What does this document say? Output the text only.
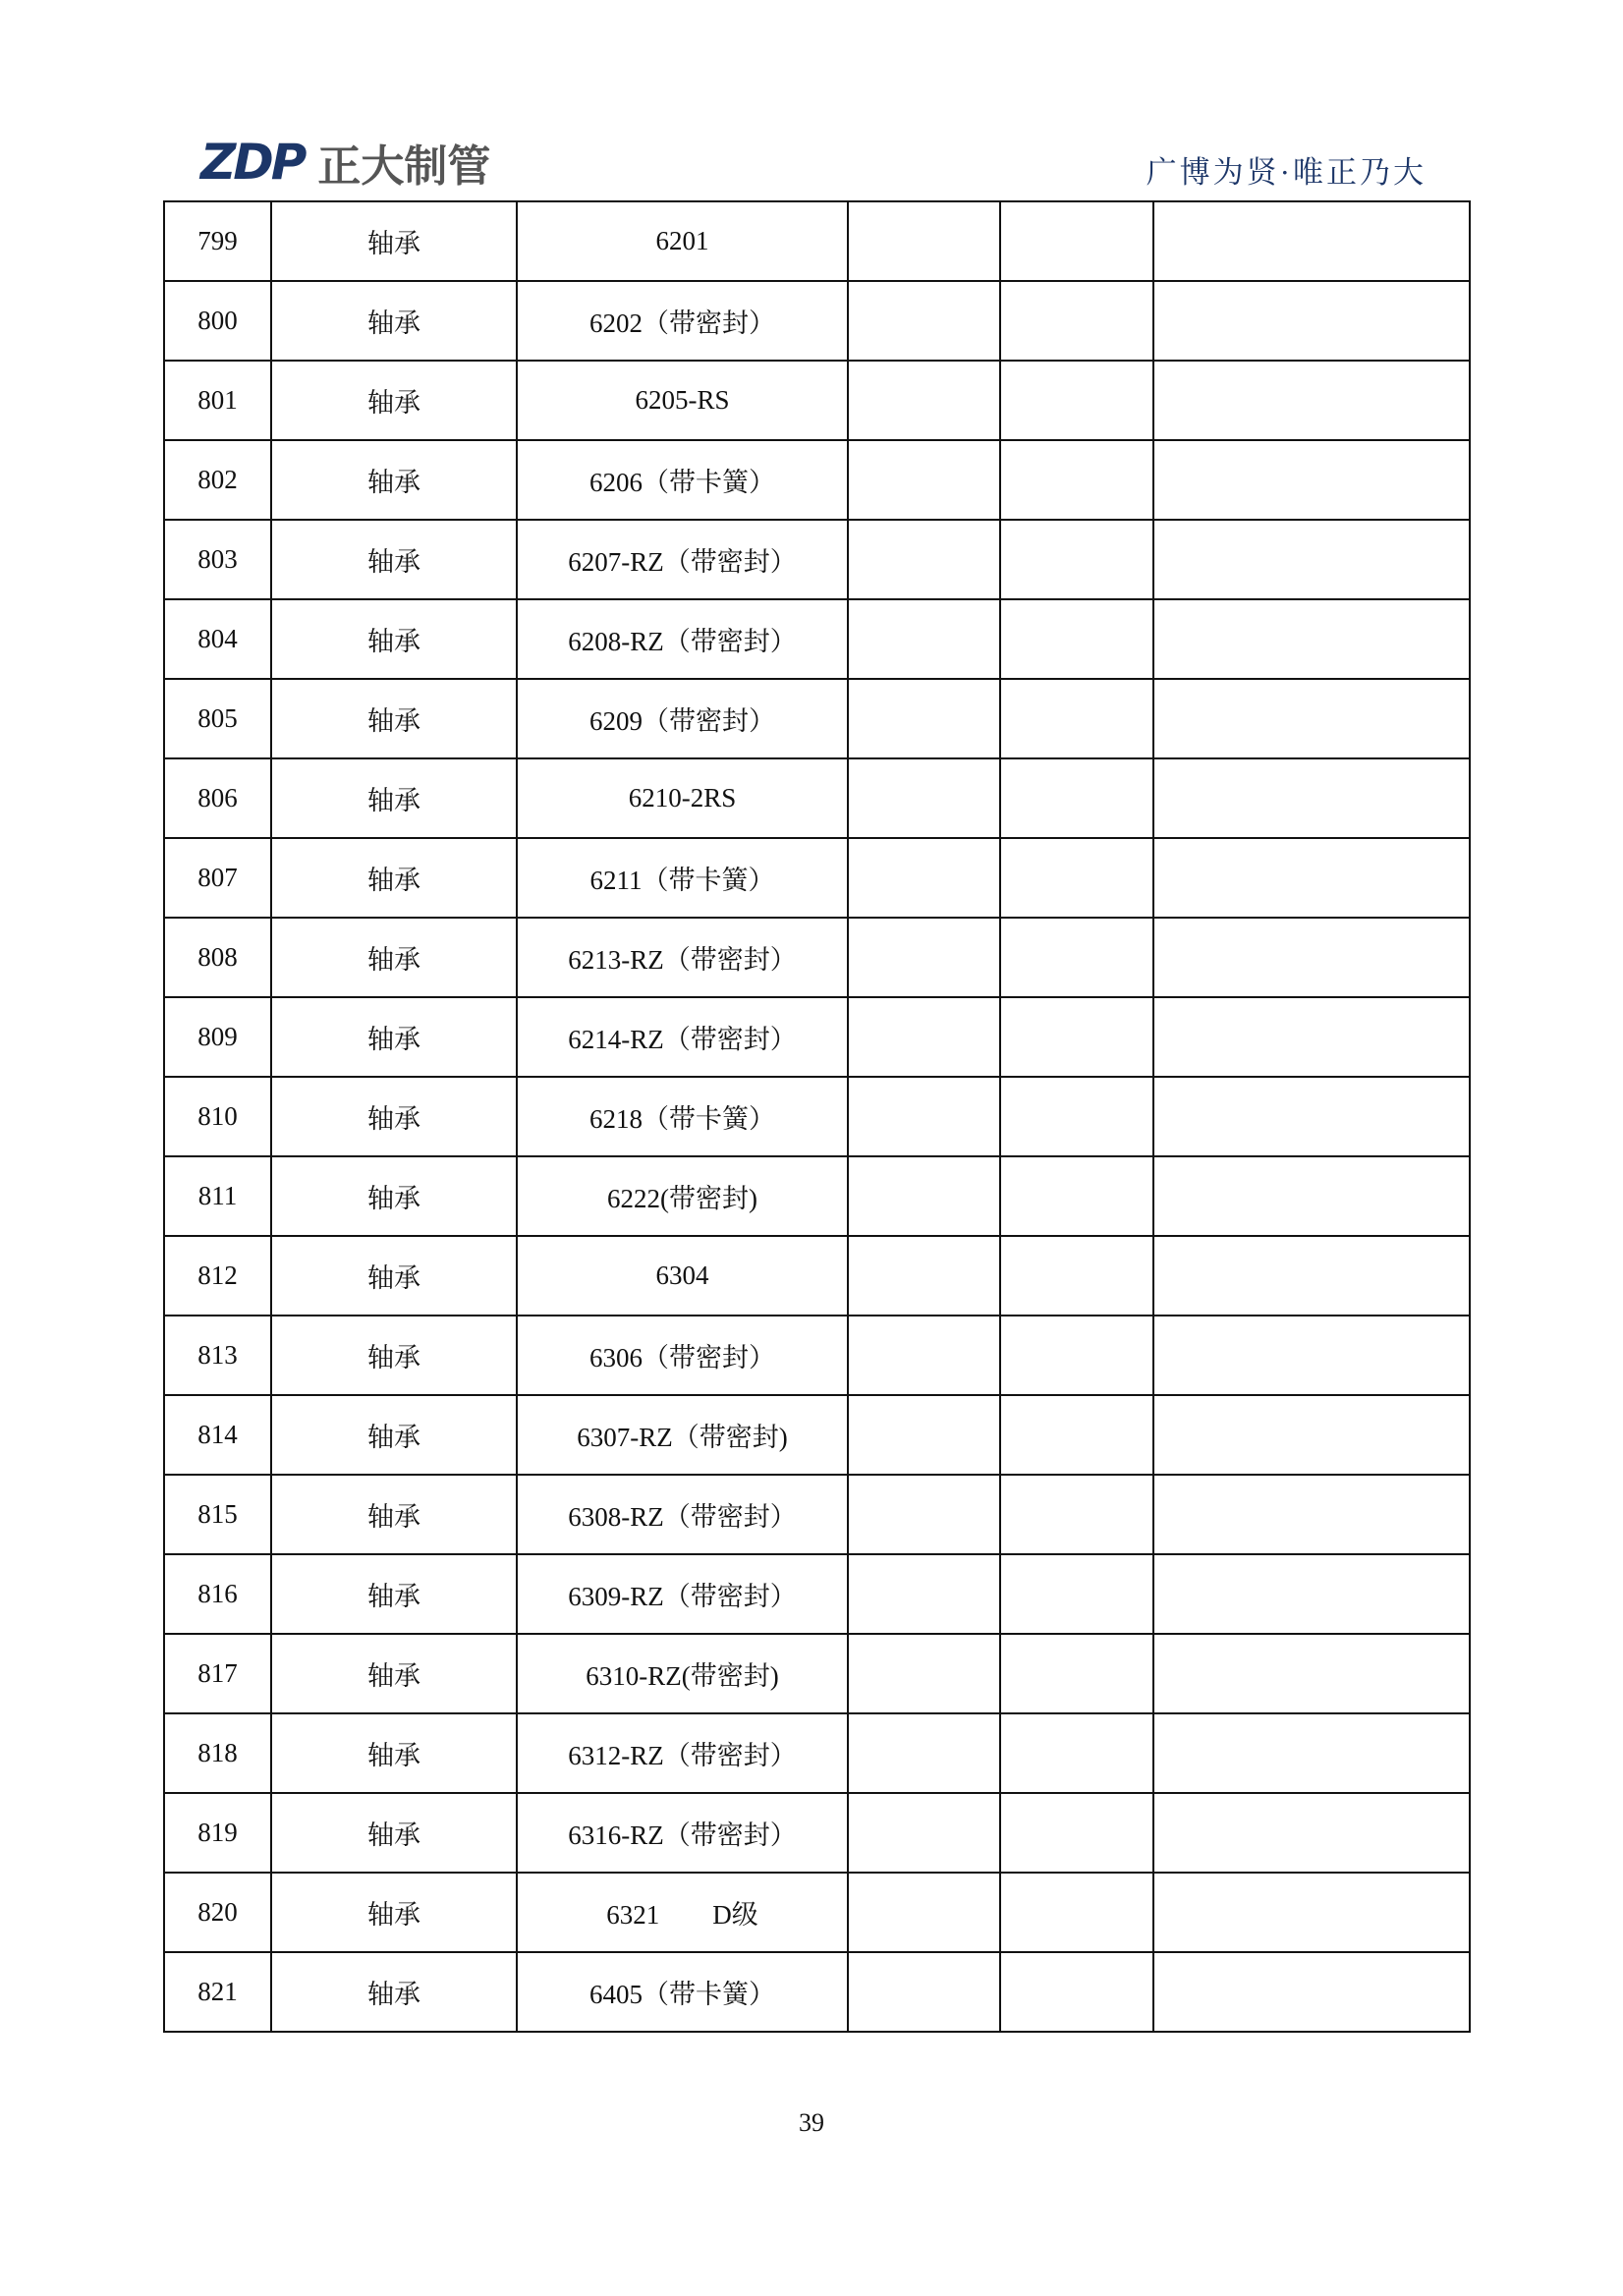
ZDP 正大制管	广博为贤·唯正乃大
799	轴承	6201			
800	轴承	6202（带密封）			
801	轴承	6205-RS			
802	轴承	6206（带卡簧）			
803	轴承	6207-RZ（带密封）			
804	轴承	6208-RZ（带密封）			
805	轴承	6209（带密封）			
806	轴承	6210-2RS			
807	轴承	6211（带卡簧）			
808	轴承	6213-RZ（带密封）			
809	轴承	6214-RZ（带密封）			
810	轴承	6218（带卡簧）			
811	轴承	6222(带密封)			
812	轴承	6304			
813	轴承	6306（带密封）			
814	轴承	6307-RZ（带密封)			
815	轴承	6308-RZ（带密封）			
816	轴承	6309-RZ（带密封）			
817	轴承	6310-RZ(带密封)			
818	轴承	6312-RZ（带密封）			
819	轴承	6316-RZ（带密封）			
820	轴承	6321　　D级			
821	轴承	6405（带卡簧）			
39
